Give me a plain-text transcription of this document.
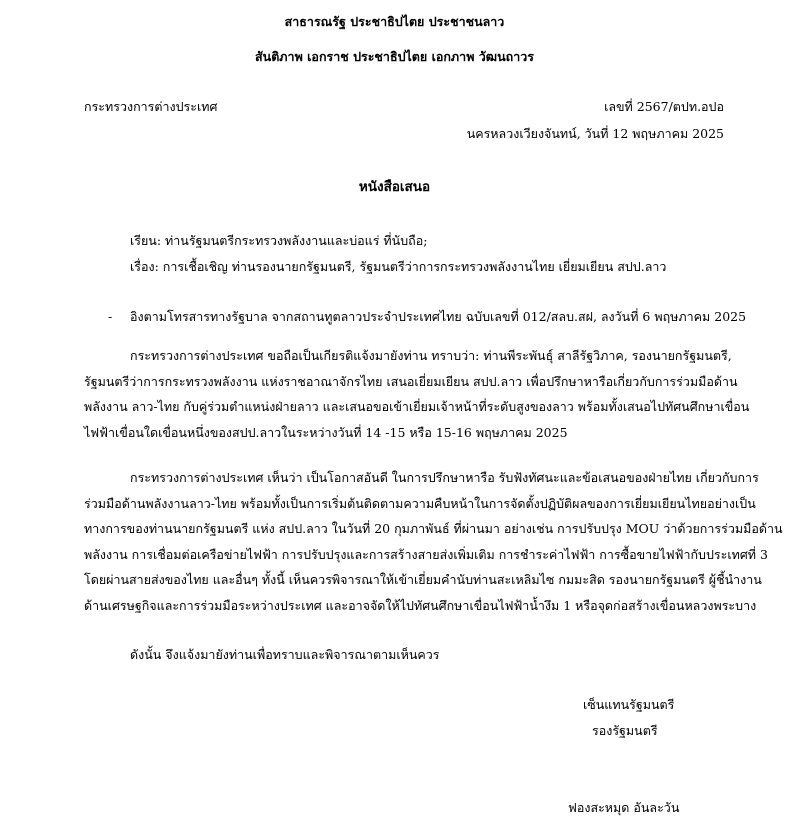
สาธารณรัฐ ประชาธิปไตย ประชาชนลาว
สันติภาพ เอกราช ประชาธิปไตย เอกภาพ วัฒนถาวร
กระทรวงการต่างประเทศ	เลขที่ 2567/ตปท.อปอ
นครหลวงเวียงจันทน์, วันที่ 12 พฤษภาคม 2025
หนังสือเสนอ
เรียน: ท่านรัฐมนตรีกระทรวงพลังงานและบ่อแร่ ที่นับถือ;
เรื่อง: การเชื้อเชิญ ท่านรองนายกรัฐมนตรี, รัฐมนตรีว่าการกระทรวงพลังงานไทย เยี่ยมเยียน สปป.ลาว
- อิงตามโทรสารทางรัฐบาล จากสถานทูตลาวประจำประเทศไทย ฉบับเลขที่ 012/สลบ.สฝ, ลงวันที่ 6 พฤษภาคม 2025
กระทรวงการต่างประเทศ ขอถือเป็นเกียรติแจ้งมายังท่าน ทราบว่า: ท่านพีระพันธุ์ สาลีรัฐวิภาค, รองนายกรัฐมนตรี,
รัฐมนตรีว่าการกระทรวงพลังงาน แห่งราชอาณาจักรไทย เสนอเยี่ยมเยียน สปป.ลาว เพื่อปรึกษาหารือเกี่ยวกับการร่วมมือด้าน
พลังงาน ลาว-ไทย กับคู่ร่วมตำแหน่งฝ่ายลาว และเสนอขอเข้าเยี่ยมเจ้าหน้าที่ระดับสูงของลาว พร้อมทั้งเสนอไปทัศนศึกษาเขื่อน
ไฟฟ้าเขื่อนใดเขื่อนหนึ่งของสปป.ลาวในระหว่างวันที่ 14 -15 หรือ 15-16 พฤษภาคม 2025
กระทรวงการต่างประเทศ เห็นว่า เป็นโอกาสอันดี ในการปรึกษาหารือ รับฟังทัศนะและข้อเสนอของฝ่ายไทย เกี่ยวกับการ
ร่วมมือด้านพลังงานลาว-ไทย พร้อมทั้งเป็นการเริ่มต้นติดตามความคืบหน้าในการจัดตั้งปฏิบัติผลของการเยี่ยมเยียนไทยอย่างเป็น
ทางการของท่านนายกรัฐมนตรี แห่ง สปป.ลาว ในวันที่ 20 กุมภาพันธ์ ที่ผ่านมา อย่างเช่น การปรับปรุง MOU ว่าด้วยการร่วมมือด้าน
พลังงาน การเชื่อมต่อเครือข่ายไฟฟ้า การปรับปรุงและการสร้างสายส่งเพิ่มเติม การชำระค่าไฟฟ้า การซื้อขายไฟฟ้ากับประเทศที่ 3
โดยผ่านสายส่งของไทย และอื่นๆ ทั้งนี้ เห็นควรพิจารณาให้เข้าเยี่ยมคำนับท่านสะเหลิมไซ กมมะสิด รองนายกรัฐมนตรี ผู้ชี้นำงาน
ด้านเศรษฐกิจและการร่วมมือระหว่างประเทศ และอาจจัดให้ไปทัศนศึกษาเขื่อนไฟฟ้าน้ำงึม 1 หรือจุดก่อสร้างเขื่อนหลวงพระบาง
ดังนั้น จึงแจ้งมายังท่านเพื่อทราบและพิจารณาตามเห็นควร
เซ็นแทนรัฐมนตรี
รองรัฐมนตรี
ฟองสะหมุด อันละวัน
